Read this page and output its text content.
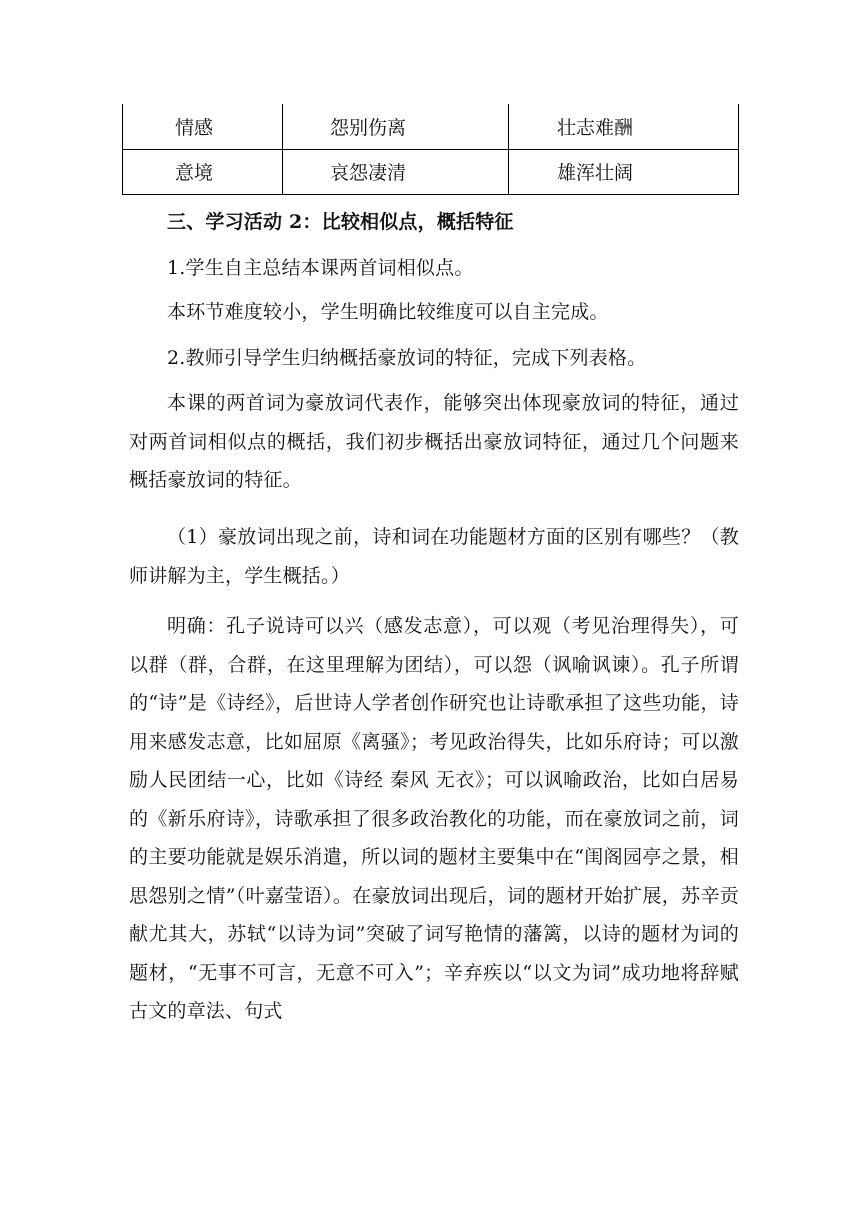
情感	怨别伤离	壮志难酬
意境	哀怨凄清	雄浑壮阔
三、学习活动 2：比较相似点，概括特征
1.学生自主总结本课两首词相似点。
本环节难度较小，学生明确比较维度可以自主完成。
2.教师引导学生归纳概括豪放词的特征，完成下列表格。
本课的两首词为豪放词代表作，能够突出体现豪放词的特征，通过对两首词相似点的概括，我们初步概括出豪放词特征，通过几个问题来概括豪放词的特征。
（1）豪放词出现之前，诗和词在功能题材方面的区别有哪些？（教师讲解为主，学生概括。）
明确：孔子说诗可以兴（感发志意），可以观（考见治理得失），可以群（群，合群，在这里理解为团结），可以怨（讽喻讽谏）。孔子所谓的“诗”是《诗经》，后世诗人学者创作研究也让诗歌承担了这些功能，诗用来感发志意，比如屈原《离骚》；考见政治得失，比如乐府诗；可以激励人民团结一心，比如《诗经 秦风 无衣》；可以讽喻政治，比如白居易的《新乐府诗》，诗歌承担了很多政治教化的功能，而在豪放词之前，词的主要功能就是娱乐消遣，所以词的题材主要集中在“闺阁园亭之景，相思怨别之情”（叶嘉莹语）。在豪放词出现后，词的题材开始扩展，苏辛贡献尤其大，苏轼“以诗为词”突破了词写艳情的藩篱，以诗的题材为词的题材，“无事不可言，无意不可入”；辛弃疾以“以文为词”成功地将辞赋古文的章法、句式
